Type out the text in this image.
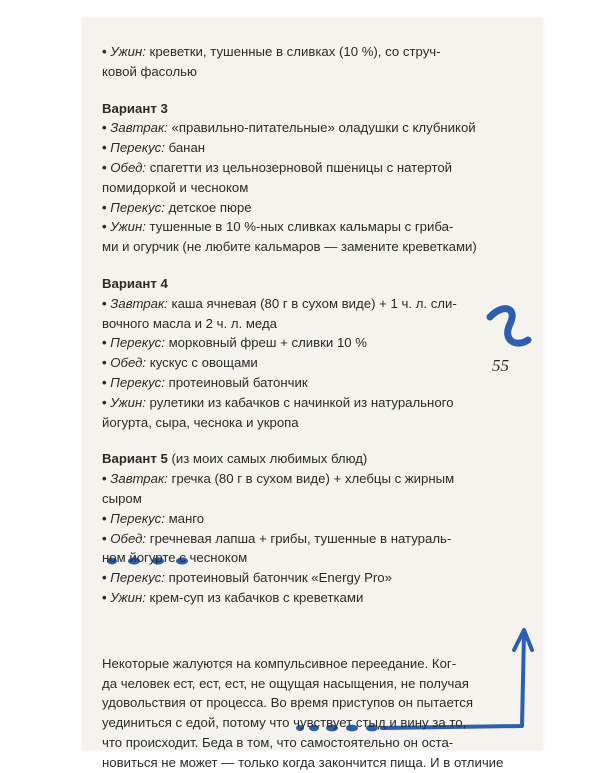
• Ужин: креветки, тушенные в сливках (10 %), со струч-
ковой фасолью
Вариант 3
• Завтрак: «правильно-питательные» оладушки с клубникой
• Перекус: банан
• Обед: спагетти из цельнозерновой пшеницы с натертой
помидоркой и чесноком
• Перекус: детское пюре
• Ужин: тушенные в 10 %-ных сливках кальмары с гриба-
ми и огурчик (не любите кальмаров — замените креветками)
Вариант 4
• Завтрак: каша ячневая (80 г в сухом виде) + 1 ч. л. сли-
вочного масла и 2 ч. л. меда
• Перекус: морковный фреш + сливки 10 %
• Обед: кускус с овощами
• Перекус: протеиновый батончик
• Ужин: рулетики из кабачков с начинкой из натурального
йогурта, сыра, чеснока и укропа
Вариант 5 (из моих самых любимых блюд)
• Завтрак: гречка (80 г в сухом виде) + хлебцы с жирным
сыром
• Перекус: манго
• Обед: гречневая лапша + грибы, тушенные в натураль-
ном йогурте с чесноком
• Перекус: протеиновый батончик «Energy Pro»
• Ужин: крем-суп из кабачков с креветками
Некоторые жалуются на компульсивное переедание. Ког-
да человек ест, ест, ест, не ощущая насыщения, не получая
удовольствия от процесса. Во время приступов он пытается
уединиться с едой, потому что чувствует стыд и вину за то,
что происходит. Беда в том, что самостоятельно он оста-
новиться не может — только когда закончится пища. И в отличие
55
